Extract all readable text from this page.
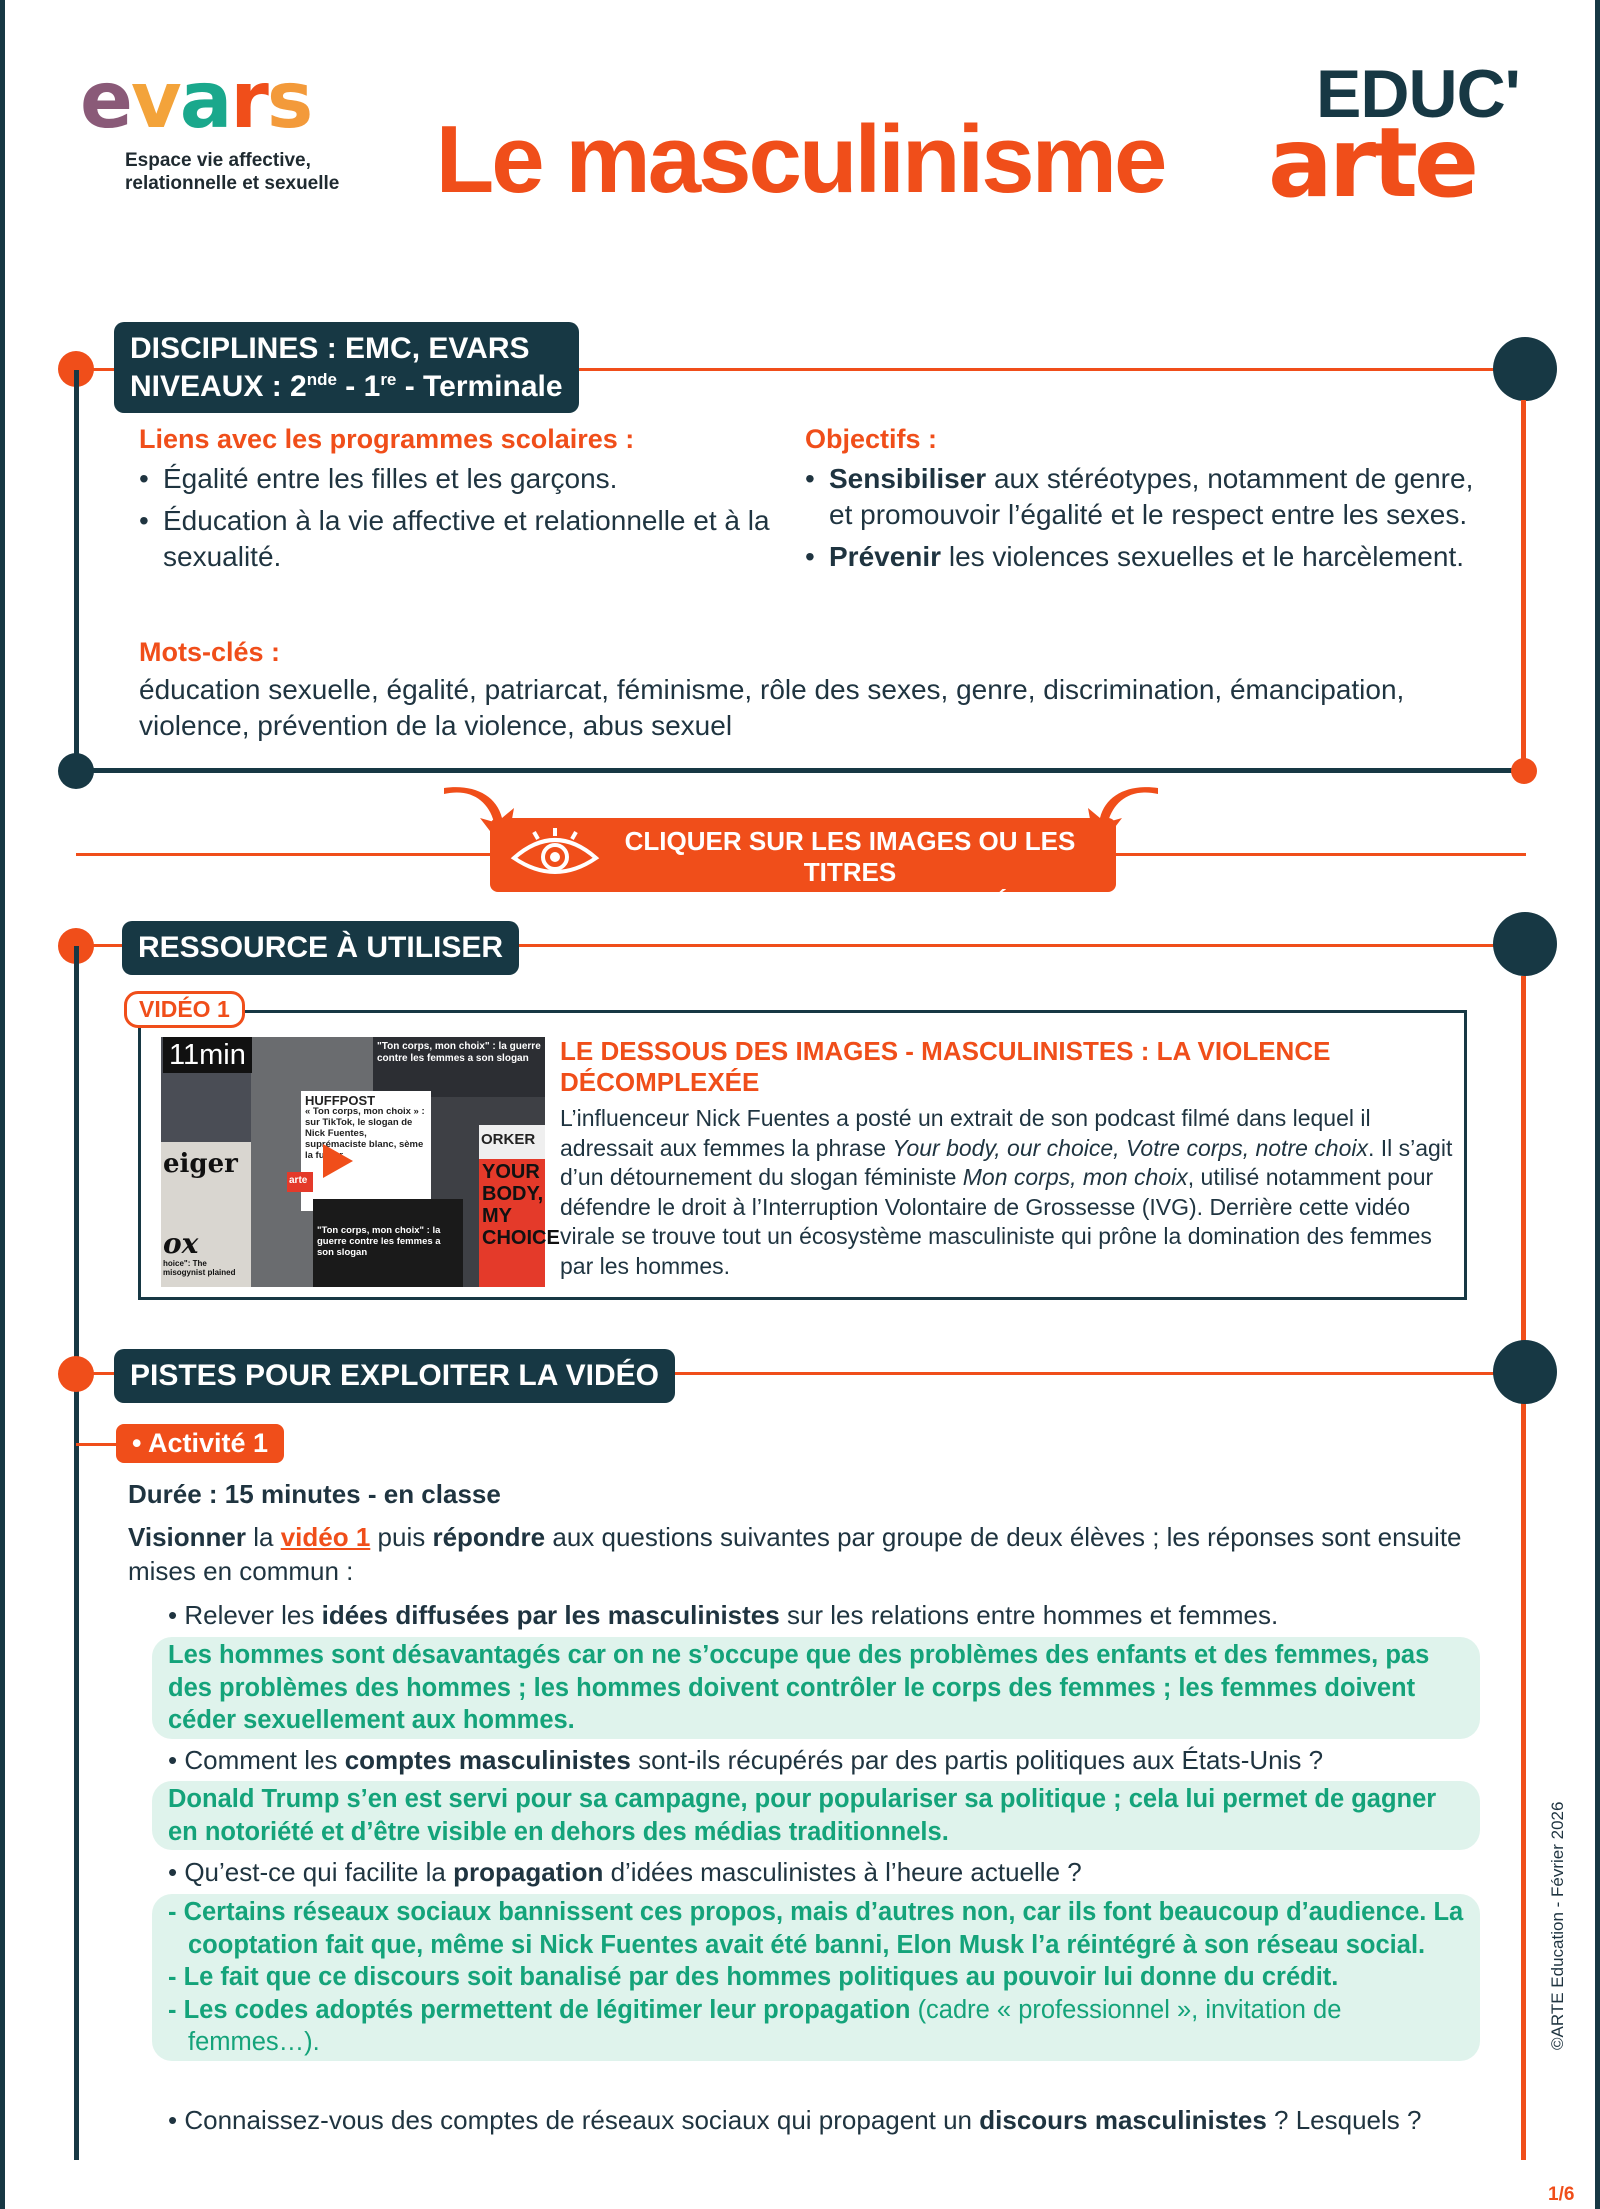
evars
Espace vie affective,
relationnelle et sexuelle	Le masculinisme
EDUC'
arte
DISCIPLINES : EMC, EVARS
NIVEAUX : 2nde - 1re - Terminale
Liens avec les programmes scolaires :
• Égalité entre les filles et les garçons.
• Éducation à la vie affective et relationnelle et à la sexualité.
Objectifs :
• Sensibiliser aux stéréotypes, notamment de genre, et promouvoir l’égalité et le respect entre les sexes.
• Prévenir les violences sexuelles et le harcèlement.
Mots-clés :
éducation sexuelle, égalité, patriarcat, féminisme, rôle des sexes, genre, discrimination, émancipation, violence, prévention de la violence, abus sexuel
CLIQUER SUR LES IMAGES OU LES TITRES
DES EXTRAITS POUR Y ACCÉDER
RESSOURCE À UTILISER
"Ton corps, mon choix" : la guerre contre les femmes a son slogan
HUFFPOST
« Ton corps, mon choix » : sur TikTok, le slogan de Nick Fuentes, suprémaciste blanc, sème la fureur
YOUR BODY, MY CHOICE
ORKER
eiger
ox
hoice": The misogynist plained
arte
"Ton corps, mon choix" : la guerre contre les femmes a son slogan
11min
VIDÉO 1
LE DESSOUS DES IMAGES - MASCULINISTES : LA VIOLENCE DÉCOMPLEXÉE
L’influenceur Nick Fuentes a posté un extrait de son podcast filmé dans lequel il adressait aux femmes la phrase Your body, our choice, Votre corps, notre choix. Il s’agit d’un détournement du slogan féministe Mon corps, mon choix, utilisé notamment pour défendre le droit à l’Interruption Volontaire de Grossesse (IVG). Derrière cette vidéo virale se trouve tout un écosystème masculiniste qui prône la domination des femmes par les hommes.
PISTES POUR EXPLOITER LA VIDÉO
• Activité 1
Durée : 15 minutes - en classe
Visionner la vidéo 1 puis répondre aux questions suivantes par groupe de deux élèves ; les réponses sont ensuite mises en commun :
• Relever les idées diffusées par les masculinistes sur les relations entre hommes et femmes.
Les hommes sont désavantagés car on ne s’occupe que des problèmes des enfants et des femmes, pas des problèmes des hommes ; les hommes doivent contrôler le corps des femmes ; les femmes doivent céder sexuellement aux hommes.
• Comment les comptes masculinistes sont-ils récupérés par des partis politiques aux États-Unis ?
Donald Trump s’en est servi pour sa campagne, pour populariser sa politique ; cela lui permet de gagner en notoriété et d’être visible en dehors des médias traditionnels.
• Qu’est-ce qui facilite la propagation d’idées masculinistes à l’heure actuelle ?
- Certains réseaux sociaux bannissent ces propos, mais d’autres non, car ils font beaucoup d’audience. La cooptation fait que, même si Nick Fuentes avait été banni, Elon Musk l’a réintégré à son réseau social.
- Le fait que ce discours soit banalisé par des hommes politiques au pouvoir lui donne du crédit.
- Les codes adoptés permettent de légitimer leur propagation (cadre « professionnel », invitation de femmes…).
• Connaissez-vous des comptes de réseaux sociaux qui propagent un discours masculinistes ? Lesquels ?
©ARTE Education - Février 2026
1/6
